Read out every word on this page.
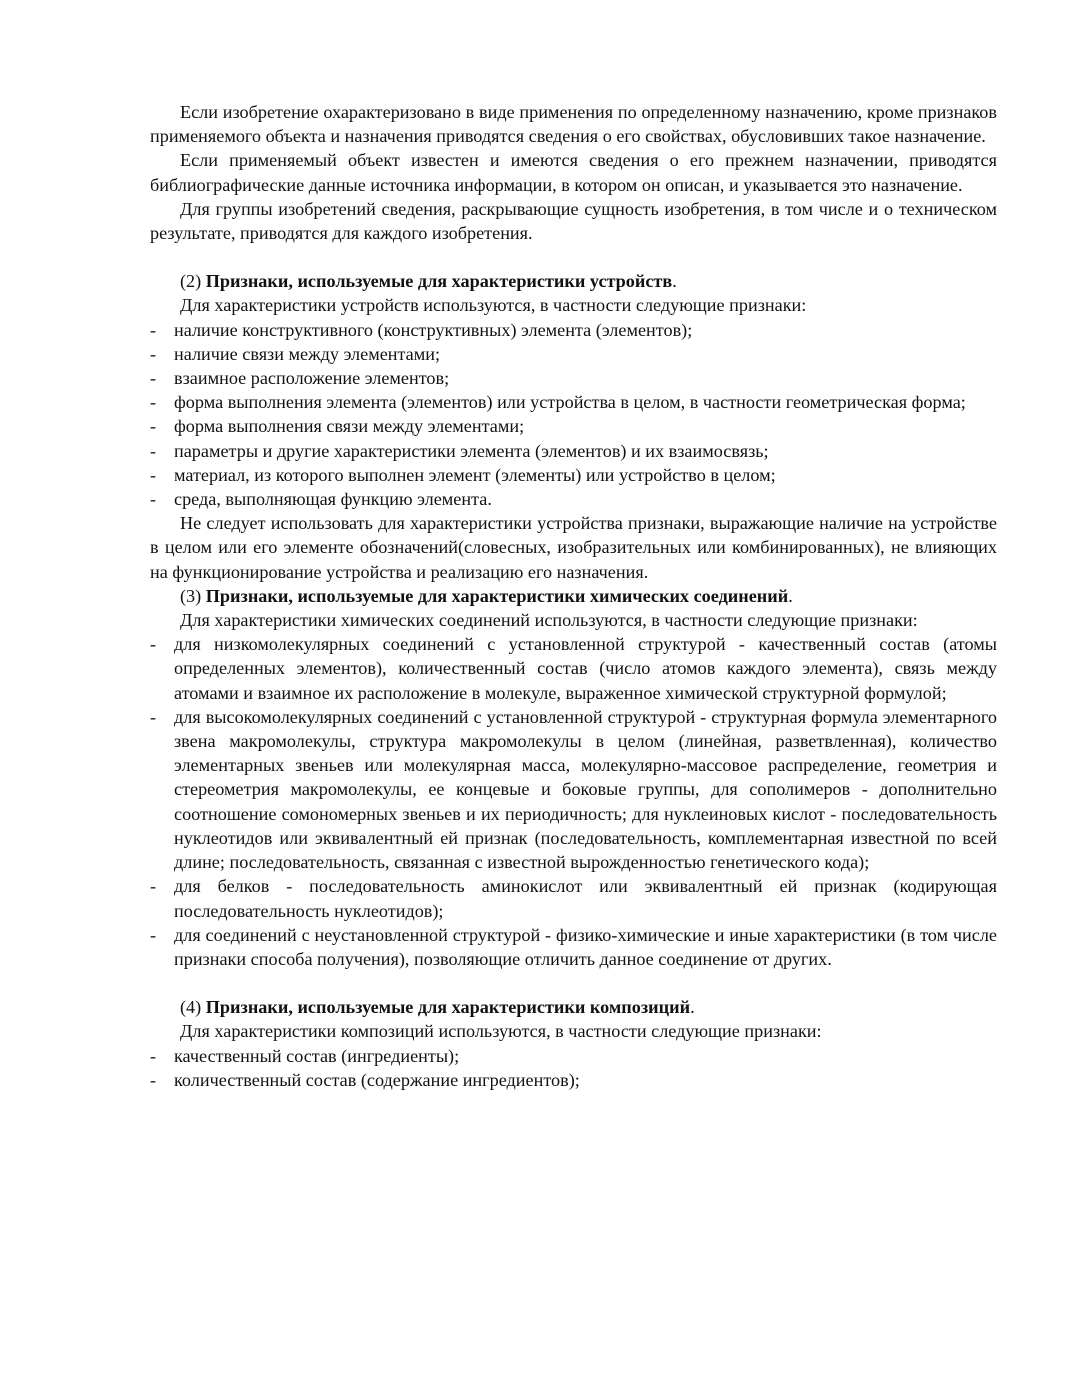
Если изобретение охарактеризовано в виде применения по определенному назначению, кроме признаков применяемого объекта и назначения приводятся сведения о его свойствах, обусловивших такое назначение.

Если применяемый объект известен и имеются сведения о его прежнем назначении, приводятся библиографические данные источника информации, в котором он описан, и указывается это назначение.

Для группы изобретений сведения, раскрывающие сущность изобретения, в том числе и о техническом результате, приводятся для каждого изобретения.

(2) Признаки, используемые для характеристики устройств.

Для характеристики устройств используются, в частности следующие признаки:

- наличие конструктивного (конструктивных) элемента (элементов);
- наличие связи между элементами;
- взаимное расположение элементов;
- форма выполнения элемента (элементов) или устройства в целом, в частности геометрическая форма;
- форма выполнения связи между элементами;
- параметры и другие характеристики элемента (элементов) и их взаимосвязь;
- материал, из которого выполнен элемент (элементы) или устройство в целом;
- среда, выполняющая функцию элемента.

Не следует использовать для характеристики устройства признаки, выражающие наличие на устройстве в целом или его элементе обозначений(словесных, изобразительных или комбинированных), не влияющих на функционирование устройства и реализацию его назначения.

(3) Признаки, используемые для характеристики химических соединений.

Для характеристики химических соединений используются, в частности следующие признаки:

- для низкомолекулярных соединений с установленной структурой - качественный состав (атомы определенных элементов), количественный состав (число атомов каждого элемента), связь между атомами и взаимное их расположение в молекуле, выраженное химической структурной формулой;
- для высокомолекулярных соединений с установленной структурой - структурная формула элементарного звена макромолекулы, структура макромолекулы в целом (линейная, разветвленная), количество элементарных звеньев или молекулярная масса, молекулярно-массовое распределение, геометрия и стереометрия макромолекулы, ее концевые и боковые группы, для сополимеров - дополнительно соотношение сомономерных звеньев и их периодичность; для нуклеиновых кислот - последовательность нуклеотидов или эквивалентный ей признак (последовательность, комплементарная известной по всей длине; последовательность, связанная с известной вырожденностью генетического кода);
- для белков - последовательность аминокислот или эквивалентный ей признак (кодирующая последовательность нуклеотидов);
- для соединений с неустановленной структурой - физико-химические и иные характеристики (в том числе признаки способа получения), позволяющие отличить данное соединение от других.

(4) Признаки, используемые для характеристики композиций.

Для характеристики композиций используются, в частности следующие признаки:

- качественный состав (ингредиенты);
- количественный состав (содержание ингредиентов);
